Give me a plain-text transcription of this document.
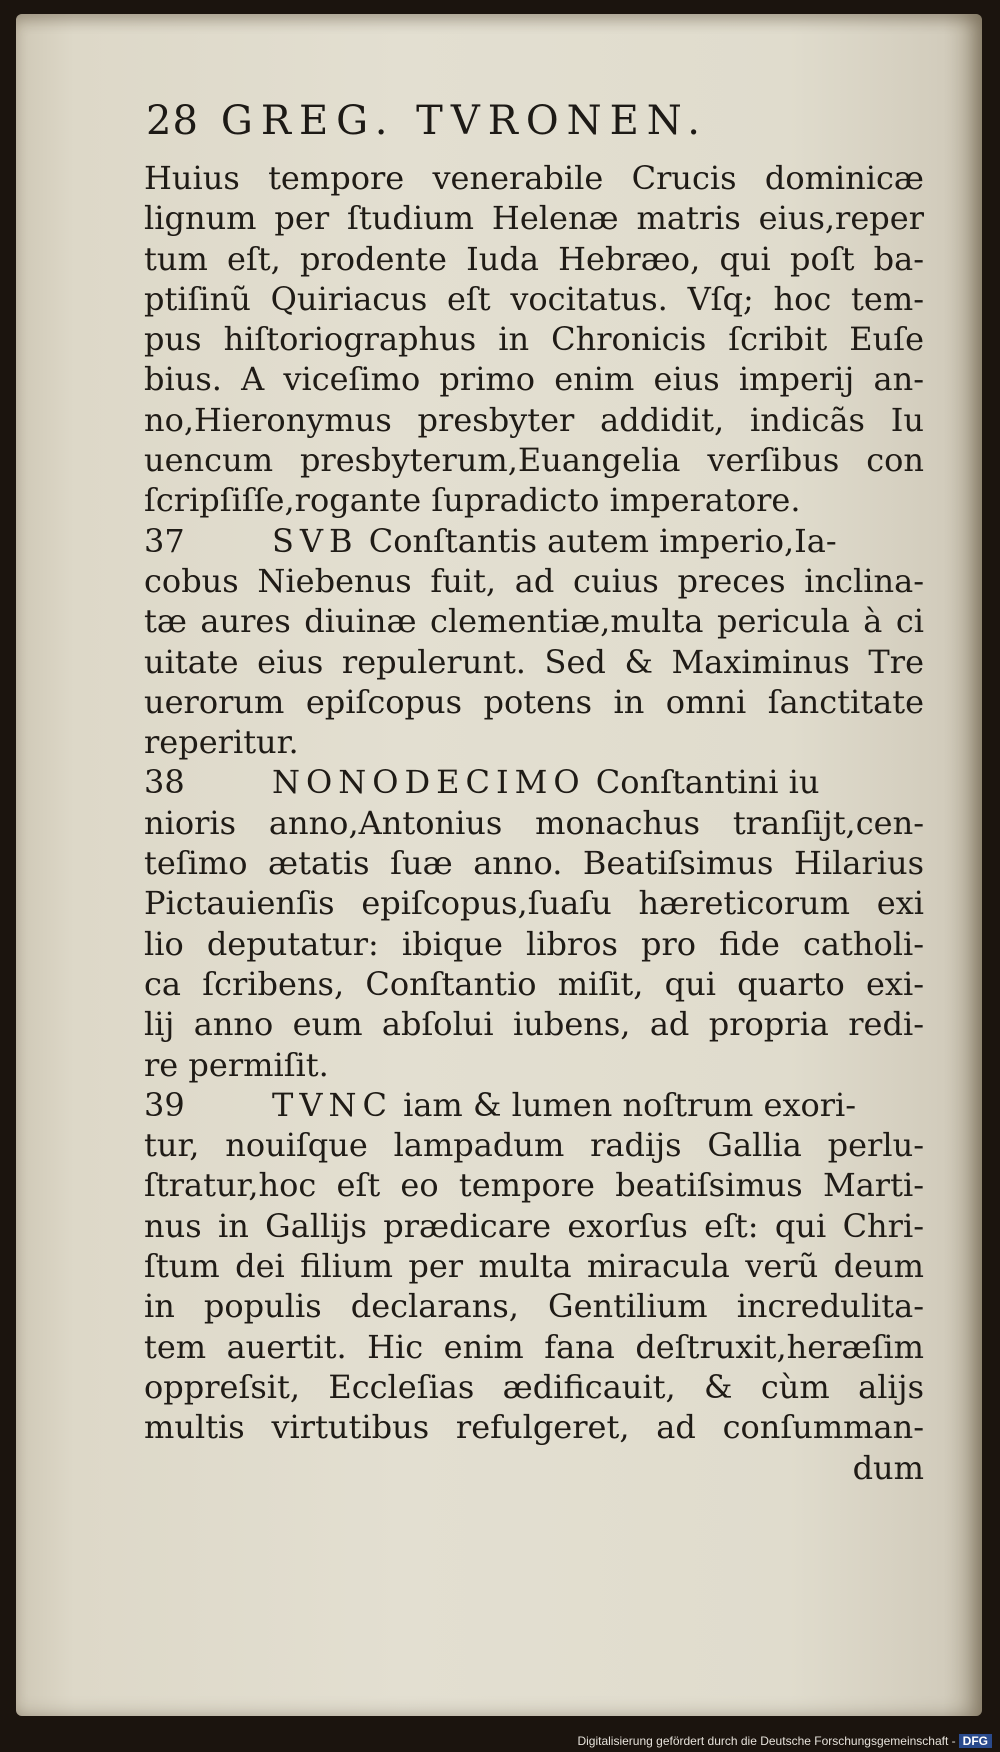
28 GREG. TVRONEN.
Huius tempore venerabile Crucis dominicæ
lignum per ſtudium Helenæ matris eius,reper
tum eſt, prodente Iuda Hebræo, qui poſt ba-
ptiſinũ Quiriacus eſt vocitatus. Vſq; hoc tem-
pus hiſtoriographus in Chronicis ſcribit Euſe
bius. A viceſimo primo enim eius imperij an-
no,Hieronymus presbyter addidit, indicãs Iu
uencum presbyterum,Euangelia verſibus con
ſcripſiſſe,rogante ſupradicto imperatore.
37	SVB Conſtantis autem imperio,Ia-
cobus Niebenus fuit, ad cuius preces inclina-
tæ aures diuinæ clementiæ,multa pericula à ci
uitate eius repulerunt. Sed & Maximinus Tre
uerorum epiſcopus potens in omni ſanctitate
reperitur.
38	NONODECIMO Conſtantini iu
nioris anno,Antonius monachus tranſijt,cen-
teſimo ætatis ſuæ anno. Beatiſsimus Hilarius
Pictauienſis epiſcopus,ſuaſu hæreticorum exi
lio deputatur: ibique libros pro fide catholi-
ca ſcribens, Conſtantio miſit, qui quarto exi-
lij anno eum abſolui iubens, ad propria redi-
re permiſit.
39	TVNC iam & lumen noſtrum exori-
tur, nouiſque lampadum radijs Gallia perlu-
ſtratur,hoc eſt eo tempore beatiſsimus Marti-
nus in Gallijs prædicare exorſus eſt: qui Chri-
ſtum dei filium per multa miracula verũ deum
in populis declarans, Gentilium incredulita-
tem auertit. Hic enim fana deſtruxit,heræſim
oppreſsit, Eccleſias ædificauit, & cùm alijs
multis virtutibus refulgeret, ad conſumman-
dum
Digitalisierung gefördert durch die Deutsche Forschungsgemeinschaft - DFG
